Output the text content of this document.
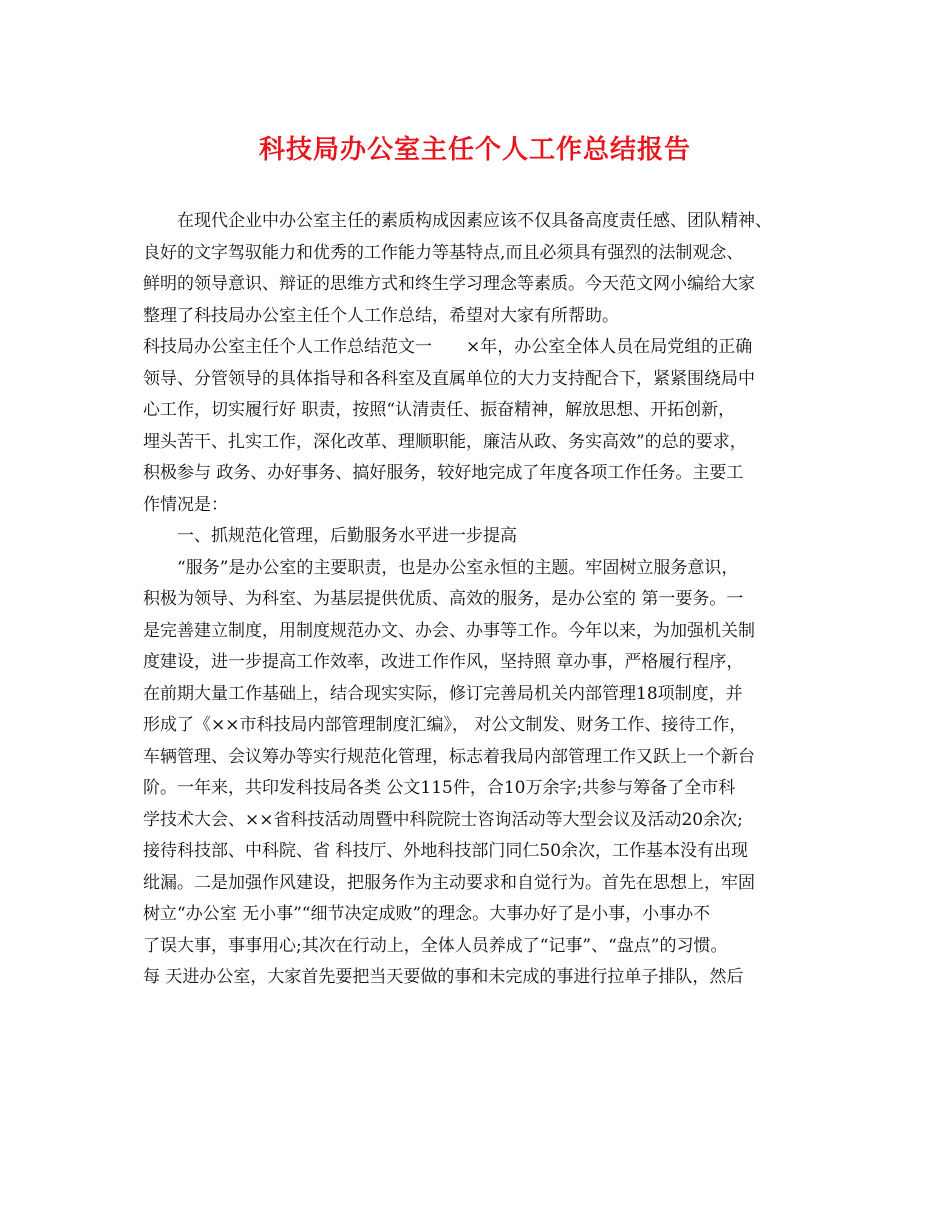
科技局办公室主任个人工作总结报告
在现代企业中办公室主任的素质构成因素应该不仅具备高度责任感、团队精神、
良好的文字驾驭能力和优秀的工作能力等基特点,而且必须具有强烈的法制观念、
鲜明的领导意识、辩证的思维方式和终生学习理念等素质。今天范文网小编给大家
整理了科技局办公室主任个人工作总结，希望对大家有所帮助。
科技局办公室主任个人工作总结范文一　　×年，办公室全体人员在局党组的正确
领导、分管领导的具体指导和各科室及直属单位的大力支持配合下，紧紧围绕局中
心工作，切实履行好 职责，按照“认清责任、振奋精神，解放思想、开拓创新，
埋头苦干、扎实工作，深化改革、理顺职能，廉洁从政、务实高效”的总的要求，
积极参与 政务、办好事务、搞好服务，较好地完成了年度各项工作任务。主要工
作情况是：
一、抓规范化管理，后勤服务水平进一步提高
“服务”是办公室的主要职责，也是办公室永恒的主题。牢固树立服务意识，
积极为领导、为科室、为基层提供优质、高效的服务，是办公室的 第一要务。一
是完善建立制度，用制度规范办文、办会、办事等工作。今年以来，为加强机关制
度建设，进一步提高工作效率，改进工作作风，坚持照 章办事，严格履行程序，
在前期大量工作基础上，结合现实实际，修订完善局机关内部管理18项制度，并
形成了《××市科技局内部管理制度汇编》， 对公文制发、财务工作、接待工作，
车辆管理、会议筹办等实行规范化管理，标志着我局内部管理工作又跃上一个新台
阶。一年来，共印发科技局各类 公文115件，合10万余字;共参与筹备了全市科
学技术大会、××省科技活动周暨中科院院士咨询活动等大型会议及活动20余次;
接待科技部、中科院、省 科技厅、外地科技部门同仁50余次，工作基本没有出现
纰漏。二是加强作风建设，把服务作为主动要求和自觉行为。首先在思想上，牢固
树立“办公室 无小事”“细节决定成败”的理念。大事办好了是小事，小事办不
了误大事，事事用心;其次在行动上，全体人员养成了“记事”、“盘点”的习惯。
每 天进办公室，大家首先要把当天要做的事和未完成的事进行拉单子排队，然后
